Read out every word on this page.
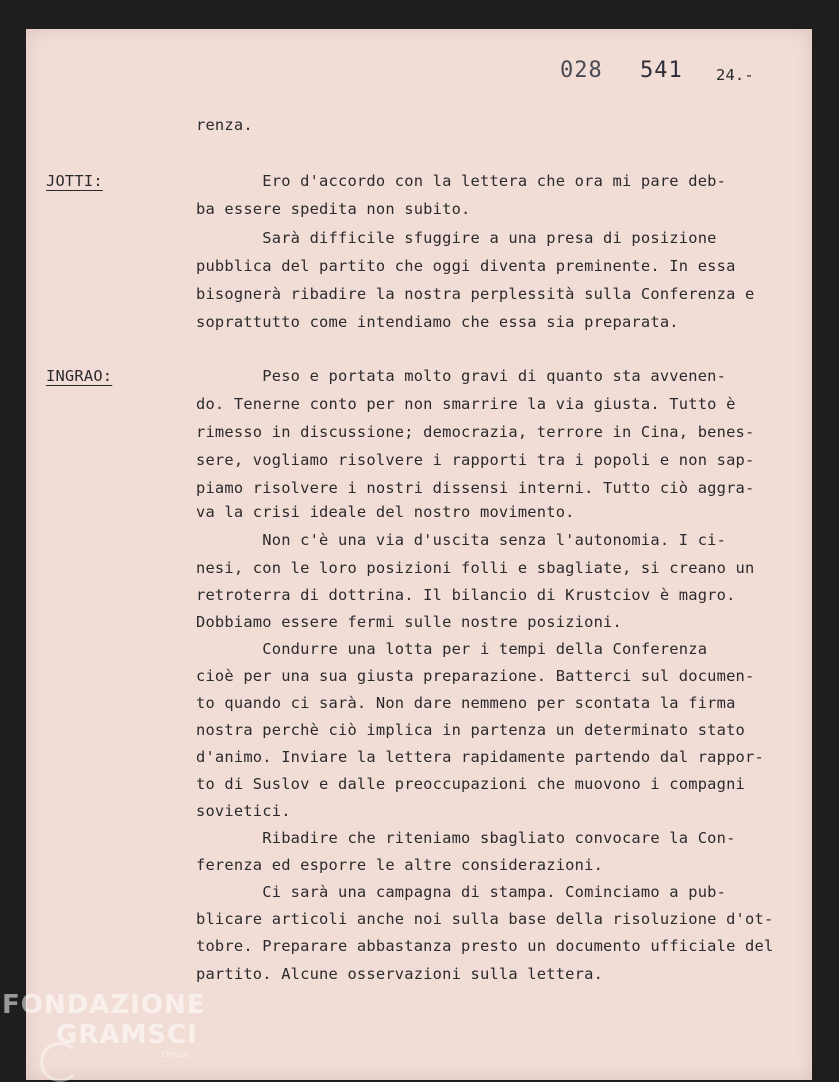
028 541 24.-
renza.
JOTTI:	Ero d'accordo con la lettera che ora mi pare deb-
ba essere spedita non subito.
Sarà difficile sfuggire a una presa di posizione
pubblica del partito che oggi diventa preminente. In essa
bisognerà ribadire la nostra perplessità sulla Conferenza e
soprattutto come intendiamo che essa sia preparata.
INGRAO:	Peso e portata molto gravi di quanto sta avvenen-
do. Tenerne conto per non smarrire la via giusta. Tutto è
rimesso in discussione; democrazia, terrore in Cina, benes-
sere, vogliamo risolvere i rapporti tra i popoli e non sap-
piamo risolvere i nostri dissensi interni. Tutto ciò aggra-
va la crisi ideale del nostro movimento.
Non c'è una via d'uscita senza l'autonomia. I ci-
nesi, con le loro posizioni folli e sbagliate, si creano un
retroterra di dottrina. Il bilancio di Krustciov è magro.
Dobbiamo essere fermi sulle nostre posizioni.
Condurre una lotta per i tempi della Conferenza
cioè per una sua giusta preparazione. Batterci sul documen-
to quando ci sarà. Non dare nemmeno per scontata la firma
nostra perchè ciò implica in partenza un determinato stato
d'animo. Inviare la lettera rapidamente partendo dal rappor-
to di Suslov e dalle preoccupazioni che muovono i compagni
sovietici.
Ribadire che riteniamo sbagliato convocare la Con-
ferenza ed esporre le altre considerazioni.
Ci sarà una campagna di stampa. Cominciamo a pub-
blicare articoli anche noi sulla base della risoluzione d'ot-
tobre. Preparare abbastanza presto un documento ufficiale del
partito. Alcune osservazioni sulla lettera.
FONDAZIONE
GRAMSCI
Onlus
